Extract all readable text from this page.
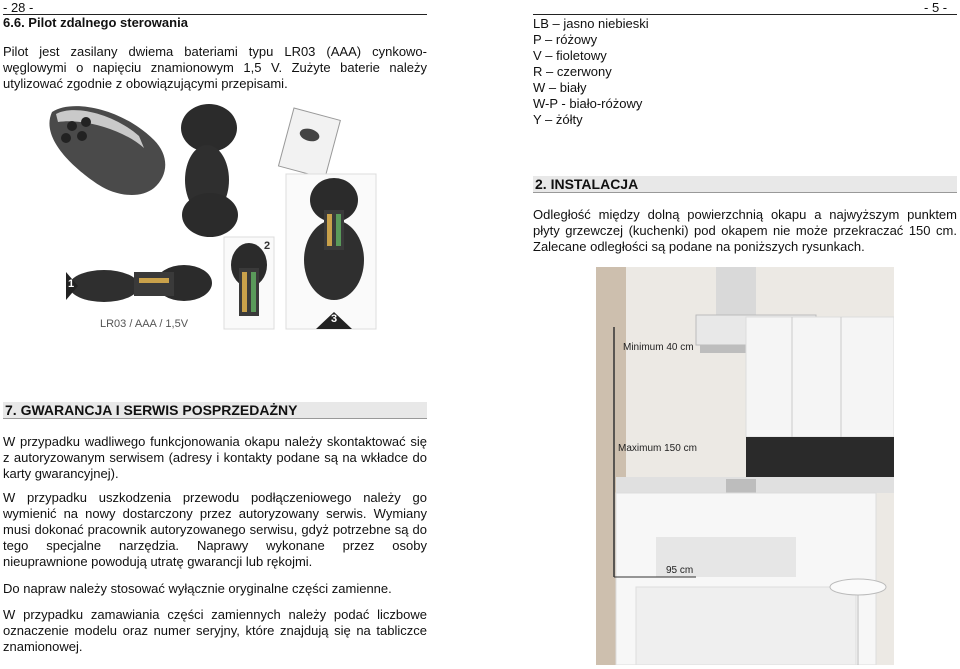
- 28 -
6.6. Pilot zdalnego sterowania
Pilot jest zasilany dwiema bateriami typu LR03 (AAA) cynkowo-węglowymi o napięciu znamionowym 1,5 V. Zużyte baterie należy utylizować zgodnie z obowiązującymi przepisami.
1
2
3
LR03 / AAA / 1,5V
7. GWARANCJA I SERWIS POSPRZEDAŻNY
W przypadku wadliwego funkcjonowania okapu należy skontaktować się z autoryzowanym serwisem (adresy i kontakty podane są na wkładce do karty gwarancyjnej).
W przypadku uszkodzenia przewodu podłączeniowego należy go wymienić na nowy dostarczony przez autoryzowany serwis. Wymiany musi dokonać pracownik autoryzowanego serwisu, gdyż potrzebne są do tego specjalne narzędzia. Naprawy wykonane przez osoby nieuprawnione powodują utratę gwarancji lub rękojmi.
Do napraw należy stosować wyłącznie oryginalne części zamienne.
W przypadku zamawiania części zamiennych należy podać liczbowe oznaczenie modelu oraz numer seryjny, które znajdują się na tabliczce znamionowej.
- 5 -
LB – jasno niebieski
P – różowy
V – fioletowy
R – czerwony
W – biały
W-P - biało-różowy
Y – żółty
2. INSTALACJA
Odległość między dolną powierzchnią okapu a najwyższym punktem płyty grzewczej (kuchenki) pod okapem nie może przekraczać 150 cm. Zalecane odległości są podane na poniższych rysunkach.
Minimum 40 cm
Maximum 150 cm
95 cm
